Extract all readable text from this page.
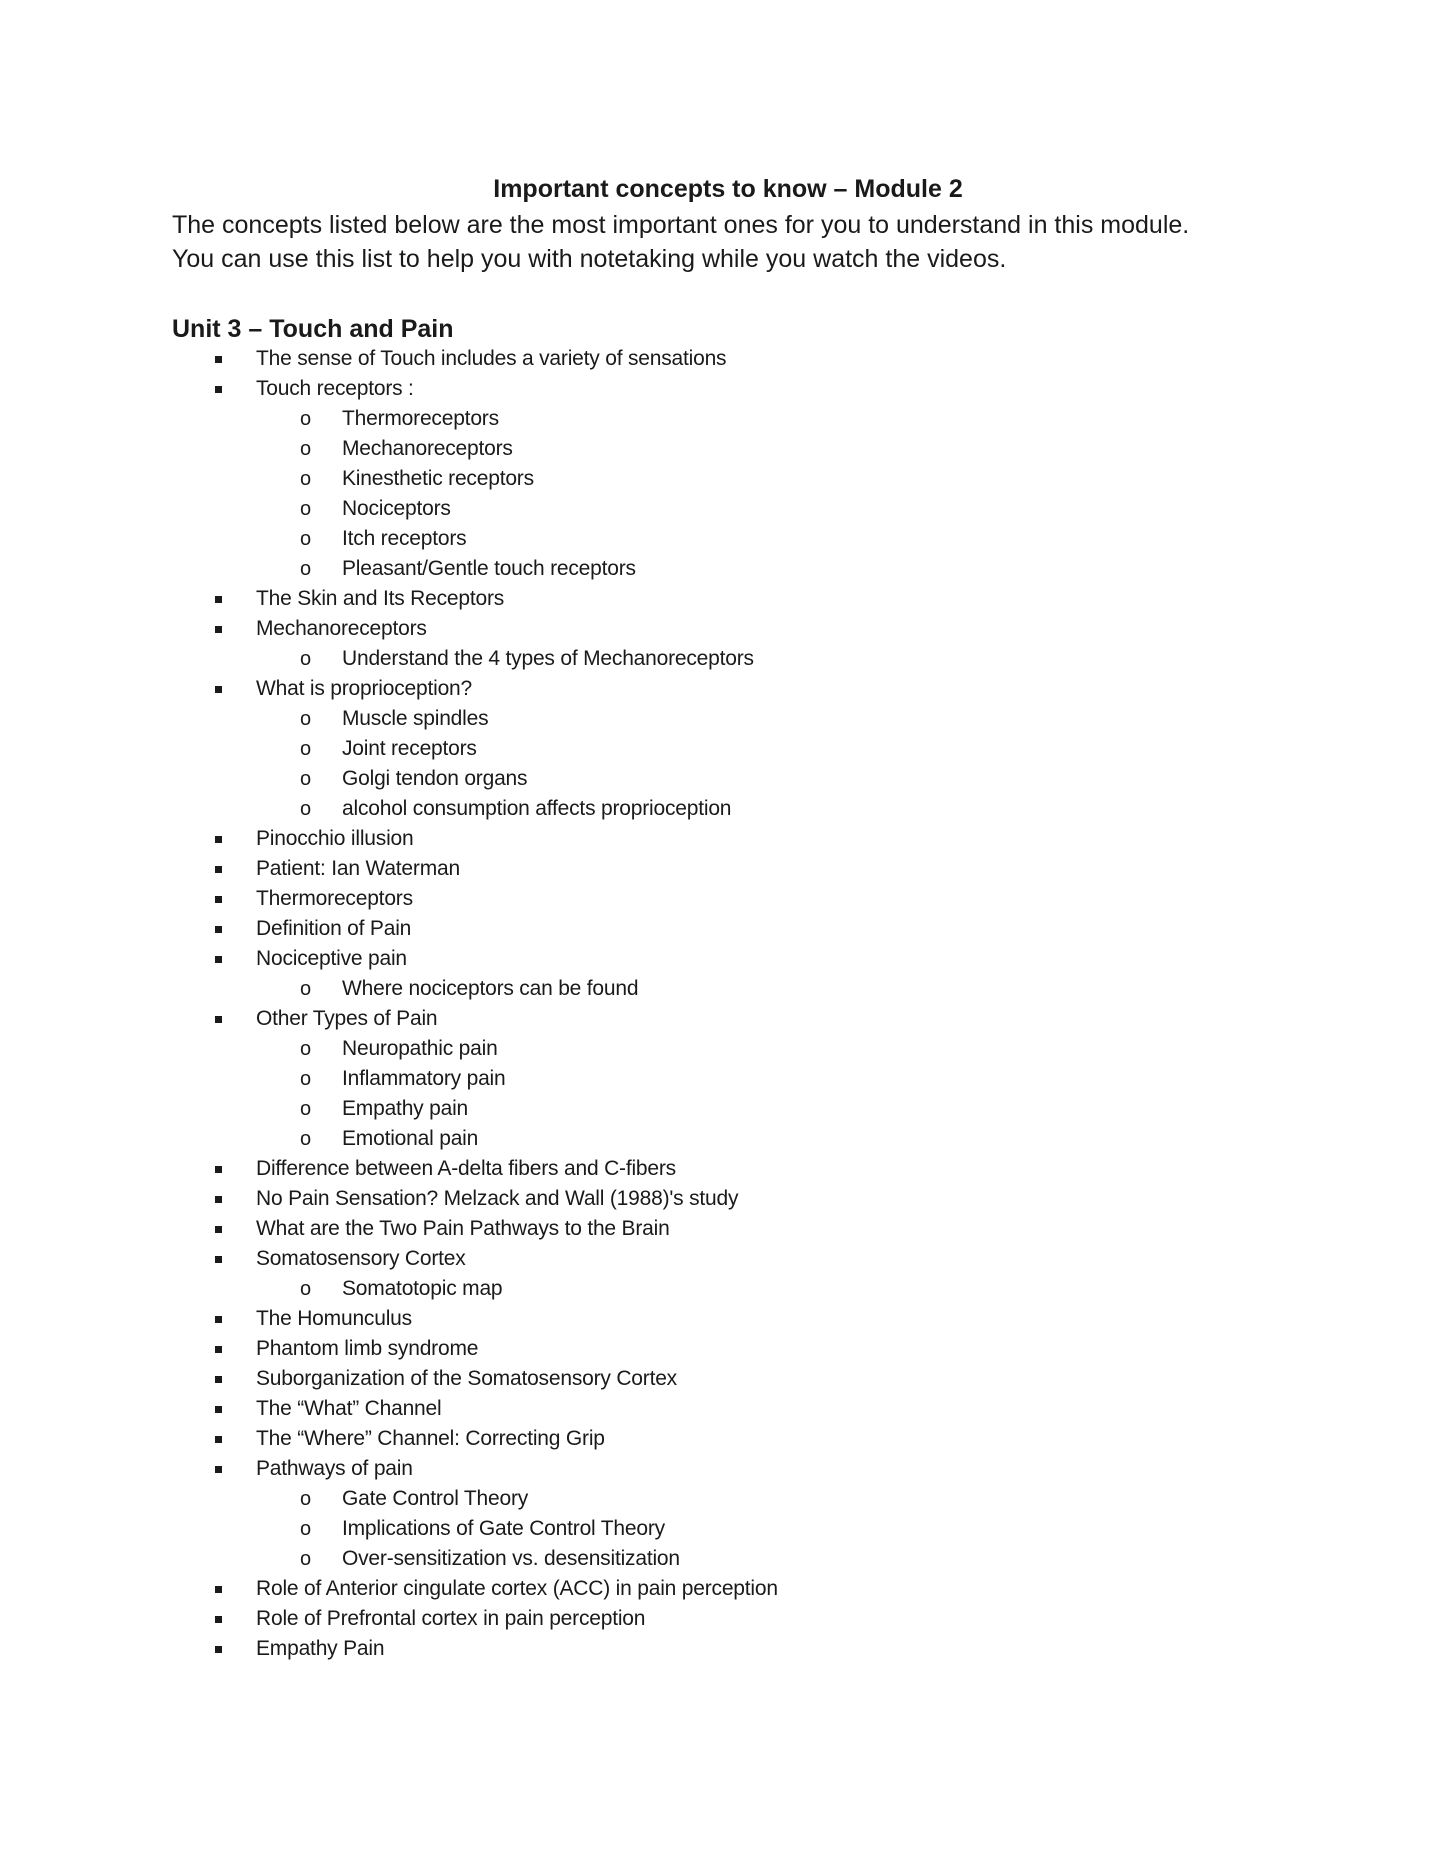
Important concepts to know – Module 2

The concepts listed below are the most important ones for you to understand in this module.

You can use this list to help you with notetaking while you watch the videos.

Unit 3 – Touch and Pain
The sense of Touch includes a variety of sensations
Touch receptors :
o Thermoreceptors
o Mechanoreceptors
o Kinesthetic receptors
o Nociceptors
o Itch receptors
o Pleasant/Gentle touch receptors
The Skin and Its Receptors
Mechanoreceptors
o Understand the 4 types of Mechanoreceptors
What is proprioception?
o Muscle spindles
o Joint receptors
o Golgi tendon organs
o alcohol consumption affects proprioception
Pinocchio illusion
Patient: Ian Waterman
Thermoreceptors
Definition of Pain
Nociceptive pain
o Where nociceptors can be found
Other Types of Pain
o Neuropathic pain
o Inflammatory pain
o Empathy pain
o Emotional pain
Difference between A-delta fibers and C-fibers
No Pain Sensation? Melzack and Wall (1988)'s study
What are the Two Pain Pathways to the Brain
Somatosensory Cortex
o Somatotopic map
The Homunculus
Phantom limb syndrome
Suborganization of the Somatosensory Cortex
The “What” Channel
The “Where” Channel: Correcting Grip
Pathways of pain
o Gate Control Theory
o Implications of Gate Control Theory
o Over-sensitization vs. desensitization
Role of Anterior cingulate cortex (ACC) in pain perception
Role of Prefrontal cortex in pain perception
Empathy Pain
